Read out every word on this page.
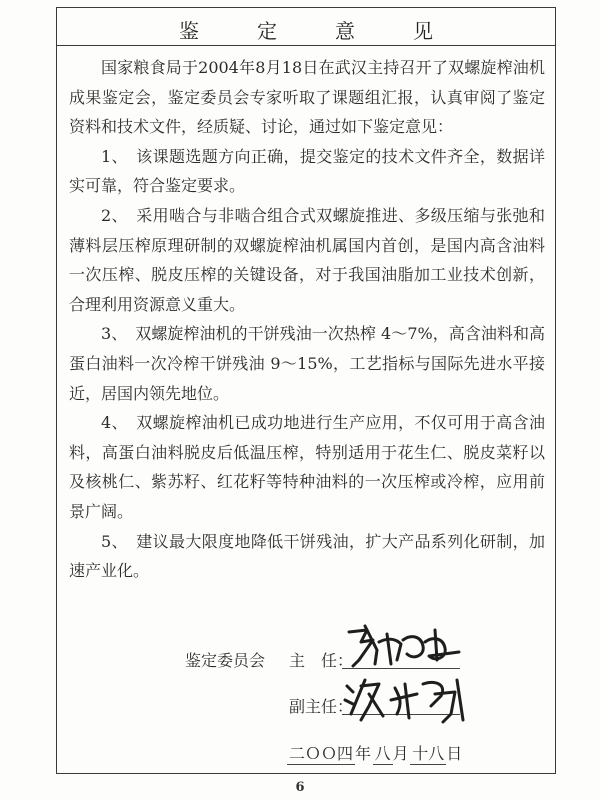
鉴定意见

国家粮食局于2004年8月18日在武汉主持召开了双螺旋榨油机成果鉴定会，鉴定委员会专家听取了课题组汇报，认真审阅了鉴定资料和技术文件，经质疑、讨论，通过如下鉴定意见：

1、　该课题选题方向正确，提交鉴定的技术文件齐全，数据详实可靠，符合鉴定要求。

2、　采用啮合与非啮合组合式双螺旋推进、多级压缩与张弛和薄料层压榨原理研制的双螺旋榨油机属国内首创，是国内高含油料一次压榨、脱皮压榨的关键设备，对于我国油脂加工业技术创新，合理利用资源意义重大。

3、　双螺旋榨油机的干饼残油一次热榨 4～7%，高含油料和高蛋白油料一次冷榨干饼残油 9～15%，工艺指标与国际先进水平接近，居国内领先地位。

4、　双螺旋榨油机已成功地进行生产应用，不仅可用于高含油料，高蛋白油料脱皮后低温压榨，特别适用于花生仁、脱皮菜籽以及核桃仁、紫苏籽、红花籽等特种油料的一次压榨或冷榨，应用前景广阔。

5、　建议最大限度地降低干饼残油，扩大产品系列化研制，加速产业化。

鉴定委员会 主　任：
副主任：
二ＯＯ四 年  八 月  十八 日
6
